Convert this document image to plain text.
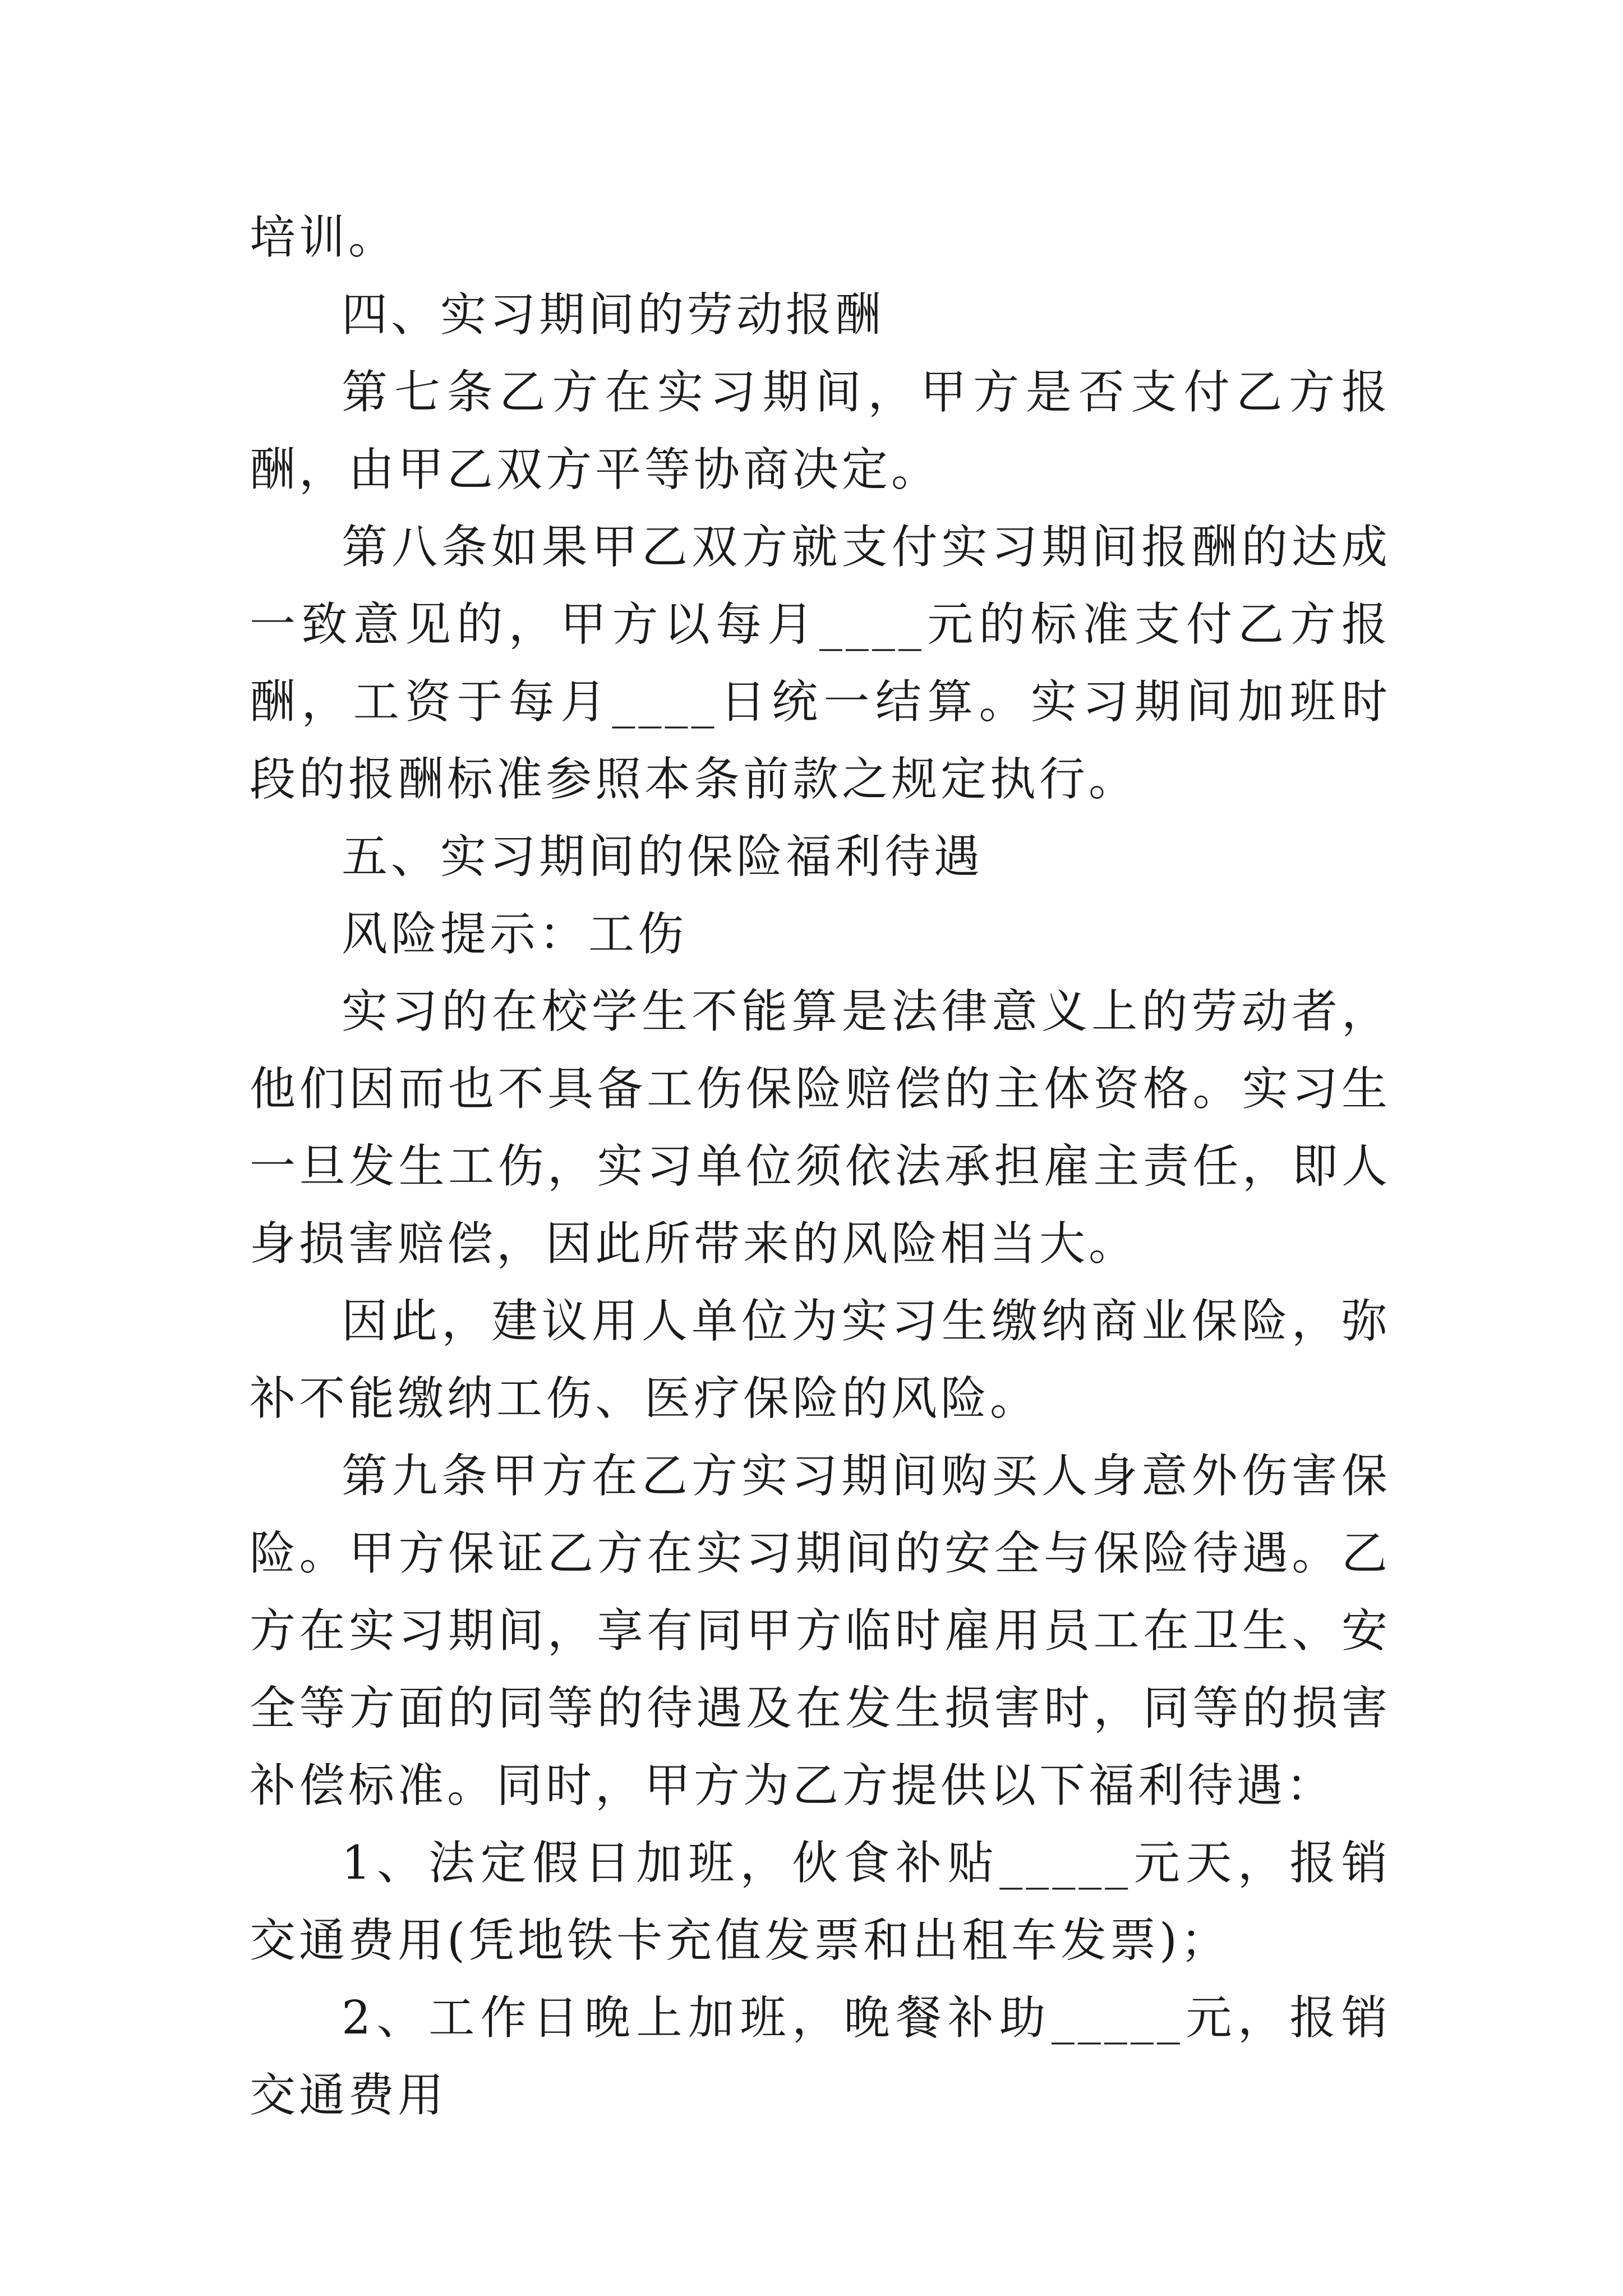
培训。

四、实习期间的劳动报酬

第七条乙方在实习期间，甲方是否支付乙方报酬，由甲乙双方平等协商决定。

第八条如果甲乙双方就支付实习期间报酬的达成一致意见的，甲方以每月____元的标准支付乙方报酬，工资于每月____日统一结算。实习期间加班时段的报酬标准参照本条前款之规定执行。

五、实习期间的保险福利待遇

风险提示：工伤

实习的在校学生不能算是法律意义上的劳动者，他们因而也不具备工伤保险赔偿的主体资格。实习生一旦发生工伤，实习单位须依法承担雇主责任，即人身损害赔偿，因此所带来的风险相当大。

因此，建议用人单位为实习生缴纳商业保险，弥补不能缴纳工伤、医疗保险的风险。

第九条甲方在乙方实习期间购买人身意外伤害保险。甲方保证乙方在实习期间的安全与保险待遇。乙方在实习期间，享有同甲方临时雇用员工在卫生、安全等方面的同等的待遇及在发生损害时，同等的损害补偿标准。同时，甲方为乙方提供以下福利待遇：

1、法定假日加班，伙食补贴_____元天，报销交通费用(凭地铁卡充值发票和出租车发票)；

2、工作日晚上加班，晚餐补助_____元，报销交通费用
